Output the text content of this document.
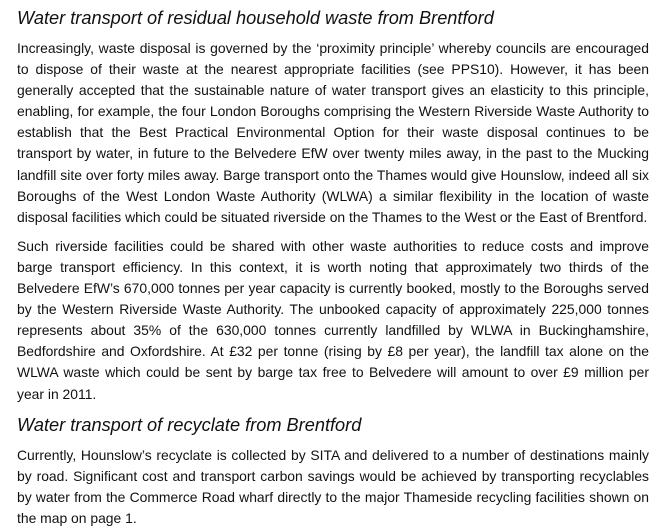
Water transport of residual household waste from Brentford

Increasingly, waste disposal is governed by the ‘proximity principle’ whereby councils are encouraged to dispose of their waste at the nearest appropriate facilities (see PPS10). However, it has been generally accepted that the sustainable nature of water transport gives an elasticity to this principle, enabling, for example, the four London Boroughs comprising the Western Riverside Waste Authority to establish that the Best Practical Environmental Option for their waste disposal continues to be transport by water, in future to the Belvedere EfW over twenty miles away, in the past to the Mucking landfill site over forty miles away. Barge transport onto the Thames would give Hounslow, indeed all six Boroughs of the West London Waste Authority (WLWA) a similar flexibility in the location of waste disposal facilities which could be situated riverside on the Thames to the West or the East of Brentford.

Such riverside facilities could be shared with other waste authorities to reduce costs and improve barge transport efficiency. In this context, it is worth noting that approximately two thirds of the Belvedere EfW’s 670,000 tonnes per year capacity is currently booked, mostly to the Boroughs served by the Western Riverside Waste Authority. The unbooked capacity of approximately 225,000 tonnes represents about 35% of the 630,000 tonnes currently landfilled by WLWA in Buckinghamshire, Bedfordshire and Oxfordshire. At £32 per tonne (rising by £8 per year), the landfill tax alone on the WLWA waste which could be sent by barge tax free to Belvedere will amount to over £9 million per year in 2011.

Water transport of recyclate from Brentford

Currently, Hounslow’s recyclate is collected by SITA and delivered to a number of destinations mainly by road. Significant cost and transport carbon savings would be achieved by transporting recyclables by water from the Commerce Road wharf directly to the major Thameside recycling facilities shown on the map on page 1.
